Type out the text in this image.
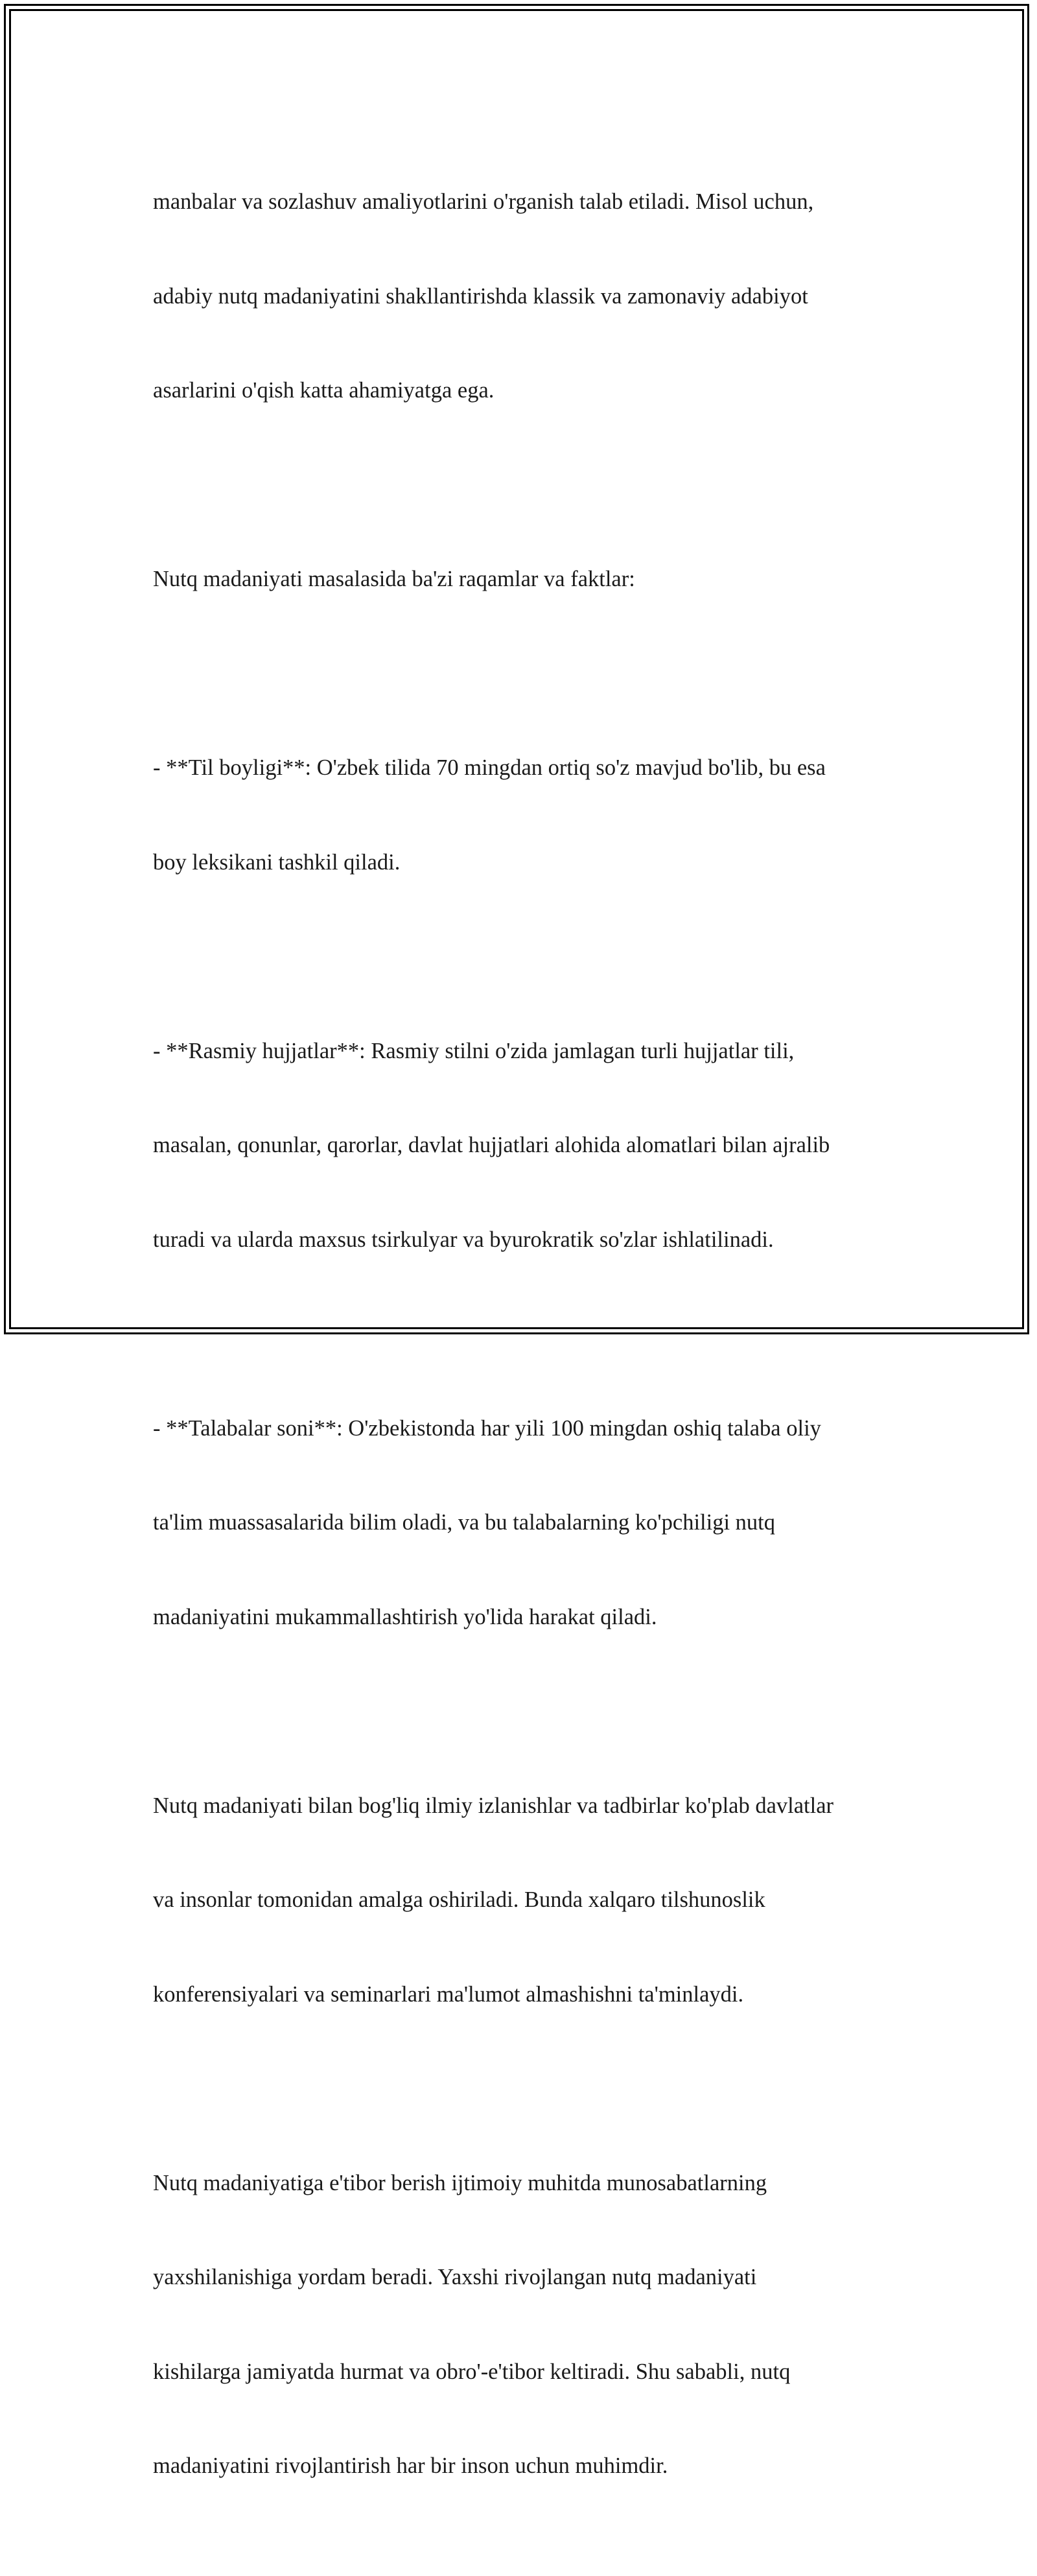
manbalar va sozlashuv amaliyotlarini o'rganish talab etiladi. Misol uchun,

adabiy nutq madaniyatini shakllantirishda klassik va zamonaviy adabiyot

asarlarini o'qish katta ahamiyatga ega.

Nutq madaniyati masalasida ba'zi raqamlar va faktlar:

- **Til boyligi**: O'zbek tilida 70 mingdan ortiq so'z mavjud bo'lib, bu esa

boy leksikani tashkil qiladi.

- **Rasmiy hujjatlar**: Rasmiy stilni o'zida jamlagan turli hujjatlar tili,

masalan, qonunlar, qarorlar, davlat hujjatlari alohida alomatlari bilan ajralib

turadi va ularda maxsus tsirkulyar va byurokratik so'zlar ishlatilinadi.

- **Talabalar soni**: O'zbekistonda har yili 100 mingdan oshiq talaba oliy

ta'lim muassasalarida bilim oladi, va bu talabalarning ko'pchiligi nutq

madaniyatini mukammallashtirish yo'lida harakat qiladi.

Nutq madaniyati bilan bog'liq ilmiy izlanishlar va tadbirlar ko'plab davlatlar

va insonlar tomonidan amalga oshiriladi. Bunda xalqaro tilshunoslik

konferensiyalari va seminarlari ma'lumot almashishni ta'minlaydi.

Nutq madaniyatiga e'tibor berish ijtimoiy muhitda munosabatlarning

yaxshilanishiga yordam beradi. Yaxshi rivojlangan nutq madaniyati

kishilarga jamiyatda hurmat va obro'-e'tibor keltiradi. Shu sababli, nutq

madaniyatini rivojlantirish har bir inson uchun muhimdir.
